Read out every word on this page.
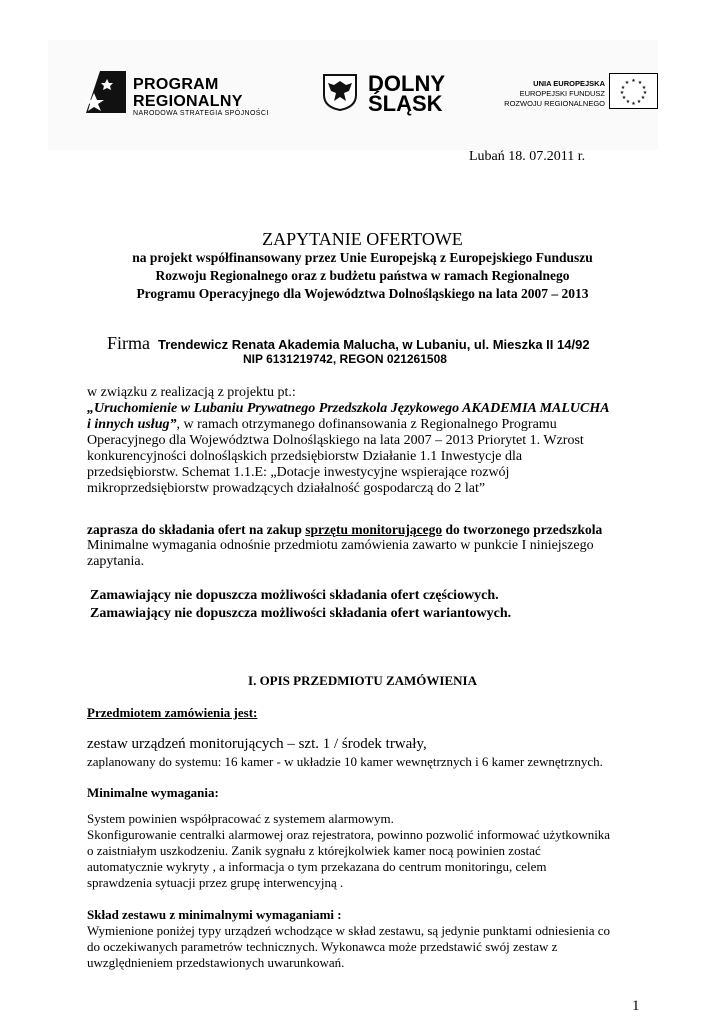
PROGRAM
REGIONALNY
NARODOWA STRATEGIA SPÓJNOŚCI
DOLNY
ŚLĄSK
UNIA EUROPEJSKA
EUROPEJSKI FUNDUSZ
ROZWOJU REGIONALNEGO
★ ★
★
★
★
★
★
★
★
★
★
★
Lubań 18. 07.2011 r.
ZAPYTANIE OFERTOWE
na projekt współfinansowany przez Unie Europejską z Europejskiego Funduszu
Rozwoju Regionalnego oraz z budżetu państwa w ramach Regionalnego
Programu Operacyjnego dla Województwa Dolnośląskiego na lata 2007 – 2013
Firma Trendewicz Renata Akademia Malucha, w Lubaniu, ul. Mieszka II 14/92
NIP 6131219742, REGON 021261508
w związku z realizacją z projektu pt.:
„Uruchomienie w Lubaniu Prywatnego Przedszkola Językowego AKADEMIA MALUCHA
i innych usług”, w ramach otrzymanego dofinansowania z Regionalnego Programu
Operacyjnego dla Województwa Dolnośląskiego na lata 2007 – 2013 Priorytet 1. Wzrost
konkurencyjności dolnośląskich przedsiębiorstw Działanie 1.1 Inwestycje dla
przedsiębiorstw. Schemat 1.1.E: „Dotacje inwestycyjne wspierające rozwój
mikroprzedsiębiorstw prowadzących działalność gospodarczą do 2 lat”
zaprasza do składania ofert na zakup sprzętu monitorującego do tworzonego przedszkola
Minimalne wymagania odnośnie przedmiotu zamówienia zawarto w punkcie I niniejszego
zapytania.
Zamawiający nie dopuszcza możliwości składania ofert częściowych.
Zamawiający nie dopuszcza możliwości składania ofert wariantowych.
I. OPIS PRZEDMIOTU ZAMÓWIENIA
Przedmiotem zamówienia jest:
zestaw urządzeń monitorujących – szt. 1 / środek trwały,
zaplanowany do systemu: 16 kamer - w układzie 10 kamer wewnętrznych i 6 kamer zewnętrznych.
Minimalne wymagania:
System powinien współpracować z systemem alarmowym.
Skonfigurowanie centralki alarmowej oraz rejestratora, powinno pozwolić informować użytkownika
o zaistniałym uszkodzeniu. Zanik sygnału z którejkolwiek kamer nocą powinien zostać
automatycznie wykryty , a informacja o tym przekazana do centrum monitoringu, celem
sprawdzenia sytuacji przez grupę interwencyjną .
Skład zestawu z minimalnymi wymaganiami :
Wymienione poniżej typy urządzeń wchodzące w skład zestawu, są jedynie punktami odniesienia co
do oczekiwanych parametrów technicznych. Wykonawca może przedstawić swój zestaw z
uwzględnieniem przedstawionych uwarunkowań.
1
